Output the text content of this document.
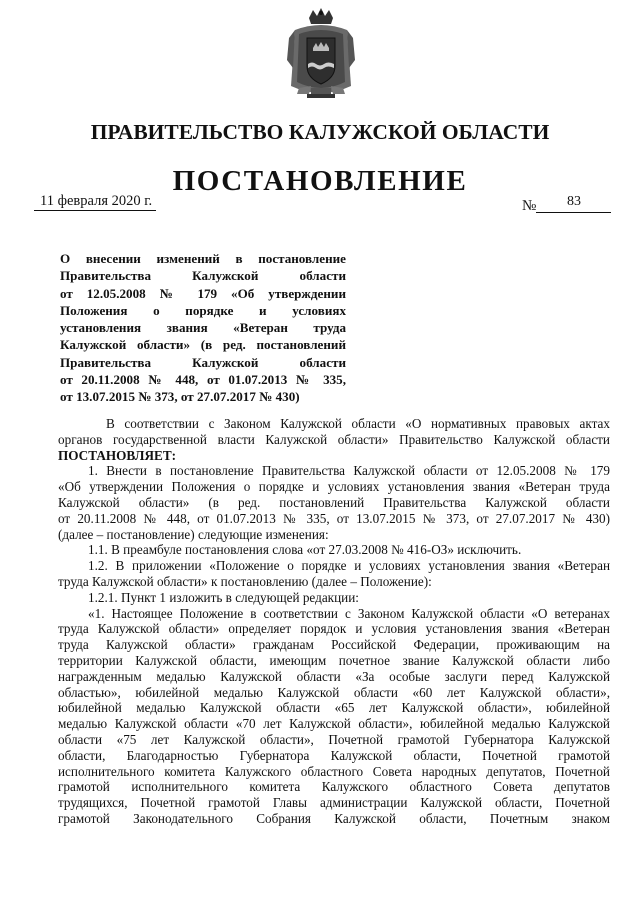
ПРАВИТЕЛЬСТВО КАЛУЖСКОЙ ОБЛАСТИ
ПОСТАНОВЛЕНИЕ
11 февраля 2020 г.	№ 83
О внесении изменений в постановление
Правительства Калужской области
от 12.05.2008 № 179 «Об утверждении
Положения о порядке и условиях
установления звания «Ветеран труда
Калужской области» (в ред. постановлений
Правительства Калужской области
от 20.11.2008 № 448, от 01.07.2013 № 335,
от 13.07.2015 № 373, от 27.07.2017 № 430)
В соответствии с Законом Калужской области «О нормативных правовых актах
органов государственной власти Калужской области» Правительство Калужской области
ПОСТАНОВЛЯЕТ:
1. Внести в постановление Правительства Калужской области от 12.05.2008 № 179
«Об утверждении Положения о порядке и условиях установления звания «Ветеран труда
Калужской области» (в ред. постановлений Правительства Калужской области
от 20.11.2008 № 448, от 01.07.2013 № 335, от 13.07.2015 № 373, от 27.07.2017 № 430)
(далее – постановление) следующие изменения:
1.1. В преамбуле постановления слова «от 27.03.2008 № 416-ОЗ» исключить.
1.2. В приложении «Положение о порядке и условиях установления звания «Ветеран
труда Калужской области» к постановлению (далее – Положение):
1.2.1. Пункт 1 изложить в следующей редакции:
«1. Настоящее Положение в соответствии с Законом Калужской области «О ветеранах
труда Калужской области» определяет порядок и условия установления звания «Ветеран
труда Калужской области» гражданам Российской Федерации, проживающим на
территории Калужской области, имеющим почетное звание Калужской области либо
награжденным медалью Калужской области «За особые заслуги перед Калужской
областью», юбилейной медалью Калужской области «60 лет Калужской области»,
юбилейной медалью Калужской области «65 лет Калужской области», юбилейной
медалью Калужской области «70 лет Калужской области», юбилейной медалью Калужской
области «75 лет Калужской области», Почетной грамотой Губернатора Калужской
области, Благодарностью Губернатора Калужской области, Почетной грамотой
исполнительного комитета Калужского областного Совета народных депутатов, Почетной
грамотой исполнительного комитета Калужского областного Совета депутатов
трудящихся, Почетной грамотой Главы администрации Калужской области, Почетной
грамотой Законодательного Собрания Калужской области, Почетным знаком
